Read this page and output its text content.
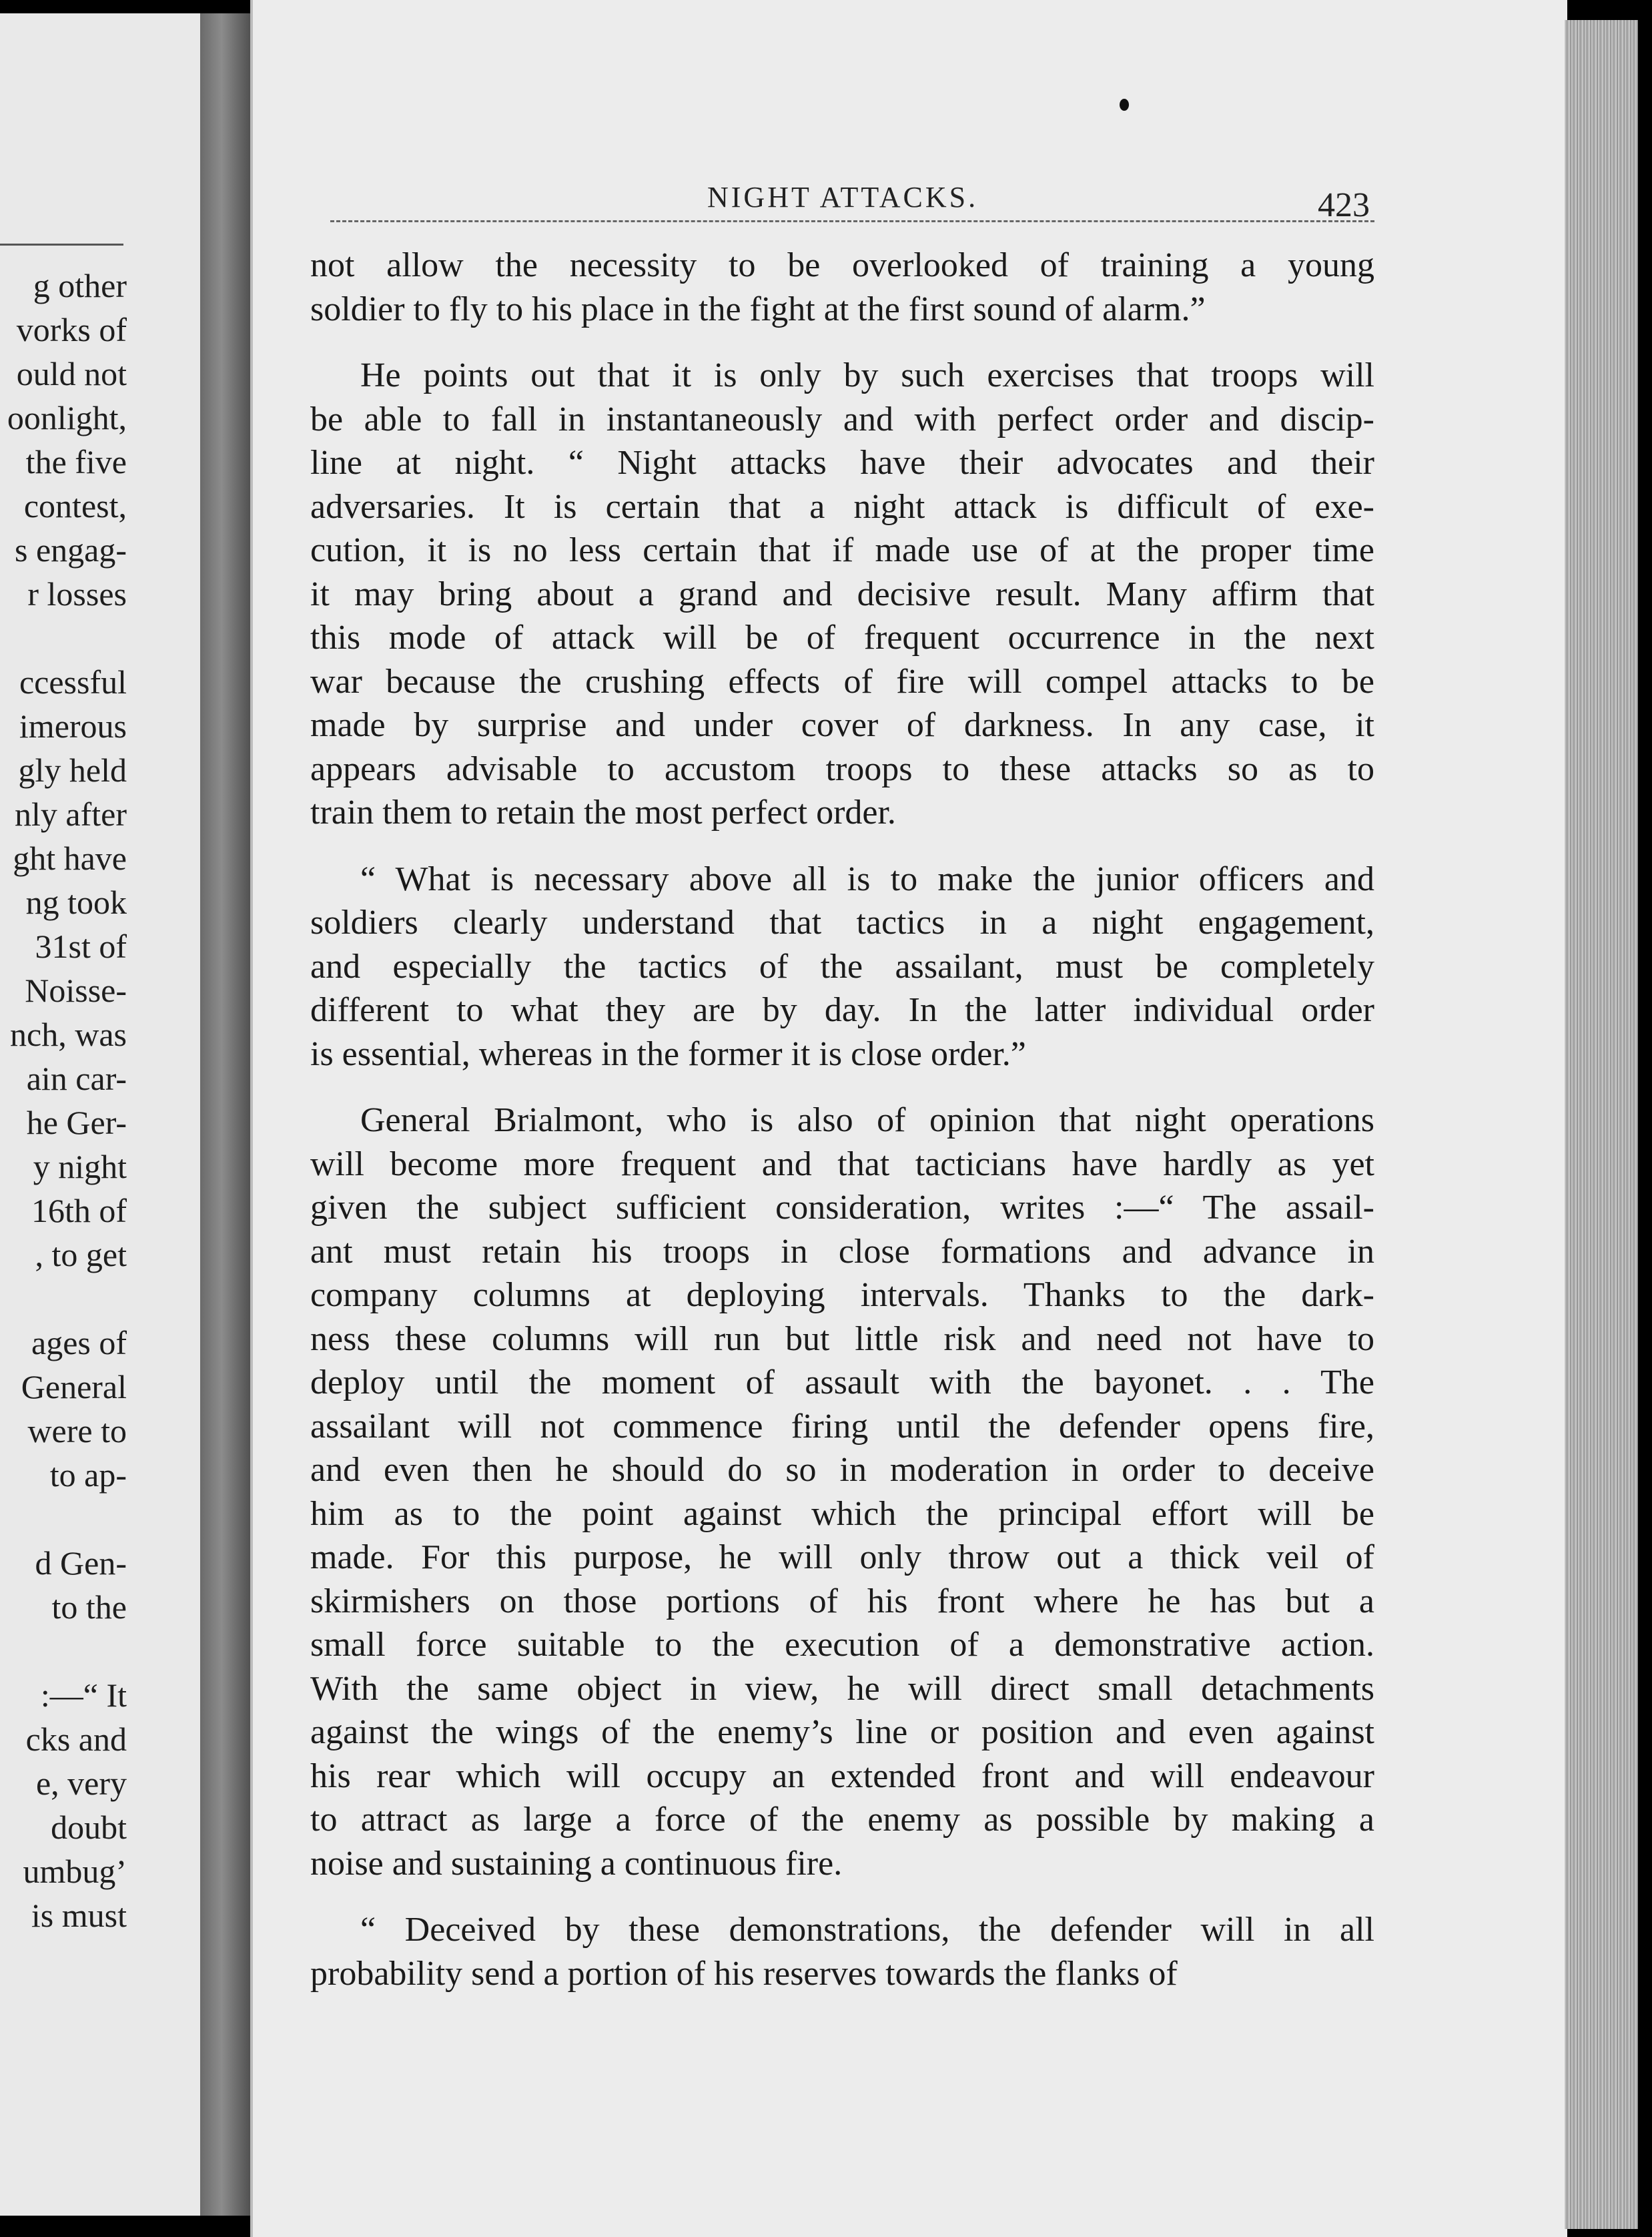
g other
vorks of
ould not
oonlight,
the five
contest,
s engag-
r losses

ccessful
imerous
gly held
nly after
ght have
ng took
31st of
Noisse-
nch, was
ain car-
he Ger-
y night
16th of
, to get

ages of
General
were to
to ap-

d Gen-
to the

:—“ It
cks and
e, very
doubt
umbug’
is must
NIGHT ATTACKS.	423
not allow the necessity to be overlooked of training a young
soldier to fly to his place in the fight at the first sound of alarm.”
He points out that it is only by such exercises that troops will
be able to fall in instantaneously and with perfect order and discip-
line at night. “ Night attacks have their advocates and their
adversaries. It is certain that a night attack is difficult of exe-
cution, it is no less certain that if made use of at the proper time
it may bring about a grand and decisive result. Many affirm that
this mode of attack will be of frequent occurrence in the next
war because the crushing effects of fire will compel attacks to be
made by surprise and under cover of darkness. In any case, it
appears advisable to accustom troops to these attacks so as to
train them to retain the most perfect order.
“ What is necessary above all is to make the junior officers and
soldiers clearly understand that tactics in a night engagement,
and especially the tactics of the assailant, must be completely
different to what they are by day. In the latter individual order
is essential, whereas in the former it is close order.”
General Brialmont, who is also of opinion that night operations
will become more frequent and that tacticians have hardly as yet
given the subject sufficient consideration, writes :—“ The assail-
ant must retain his troops in close formations and advance in
company columns at deploying intervals. Thanks to the dark-
ness these columns will run but little risk and need not have to
deploy until the moment of assault with the bayonet. . . The
assailant will not commence firing until the defender opens fire,
and even then he should do so in moderation in order to deceive
him as to the point against which the principal effort will be
made. For this purpose, he will only throw out a thick veil of
skirmishers on those portions of his front where he has but a
small force suitable to the execution of a demonstrative action.
With the same object in view, he will direct small detachments
against the wings of the enemy’s line or position and even against
his rear which will occupy an extended front and will endeavour
to attract as large a force of the enemy as possible by making a
noise and sustaining a continuous fire.
“ Deceived by these demonstrations, the defender will in all
probability send a portion of his reserves towards the flanks of
